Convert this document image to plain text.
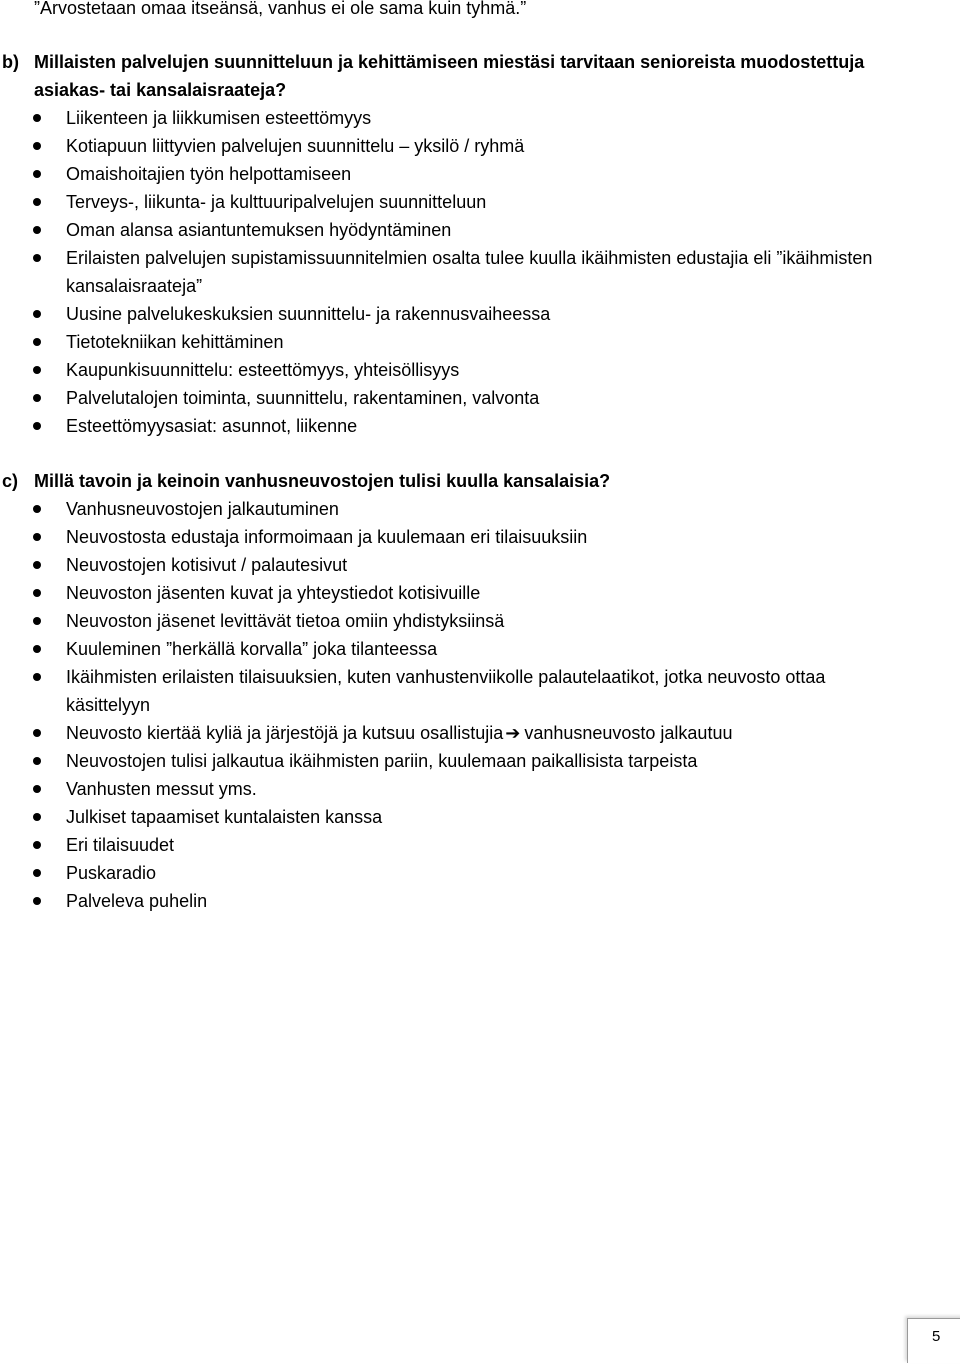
”Arvostetaan omaa itseänsä, vanhus ei ole sama kuin tyhmä.”
b) Millaisten palvelujen suunnitteluun ja kehittämiseen miestäsi tarvitaan senioreista muodostettuja asiakas- tai kansalaisraateja?
Liikenteen ja liikkumisen esteettömyys
Kotiapuun liittyvien palvelujen suunnittelu – yksilö / ryhmä
Omaishoitajien työn helpottamiseen
Terveys-, liikunta- ja kulttuuripalvelujen suunnitteluun
Oman alansa asiantuntemuksen hyödyntäminen
Erilaisten palvelujen supistamissuunnitelmien osalta tulee kuulla ikäihmisten edustajia eli ”ikäihmisten kansalaisraateja”
Uusine palvelukeskuksien suunnittelu- ja rakennusvaiheessa
Tietotekniikan kehittäminen
Kaupunkisuunnittelu: esteettömyys, yhteisöllisyys
Palvelutalojen toiminta, suunnittelu, rakentaminen, valvonta
Esteettömyysasiat: asunnot, liikenne
c) Millä tavoin ja keinoin vanhusneuvostojen tulisi kuulla kansalaisia?
Vanhusneuvostojen jalkautuminen
Neuvostosta edustaja informoimaan ja kuulemaan eri tilaisuuksiin
Neuvostojen kotisivut / palautesivut
Neuvoston jäsenten kuvat ja yhteystiedot kotisivuille
Neuvoston jäsenet levittävät tietoa omiin yhdistyksiinsä
Kuuleminen ”herkällä korvalla” joka tilanteessa
Ikäihmisten erilaisten tilaisuuksien, kuten vanhustenviikolle palautelaatikot, jotka neuvosto ottaa käsittelyyn
Neuvosto kiertää kyliä ja järjestöjä ja kutsuu osallistujia ➔ vanhusneuvosto jalkautuu
Neuvostojen tulisi jalkautua ikäihmisten pariin, kuulemaan paikallisista tarpeista
Vanhusten messut yms.
Julkiset tapaamiset kuntalaisten kanssa
Eri tilaisuudet
Puskaradio
Palveleva puhelin
5
